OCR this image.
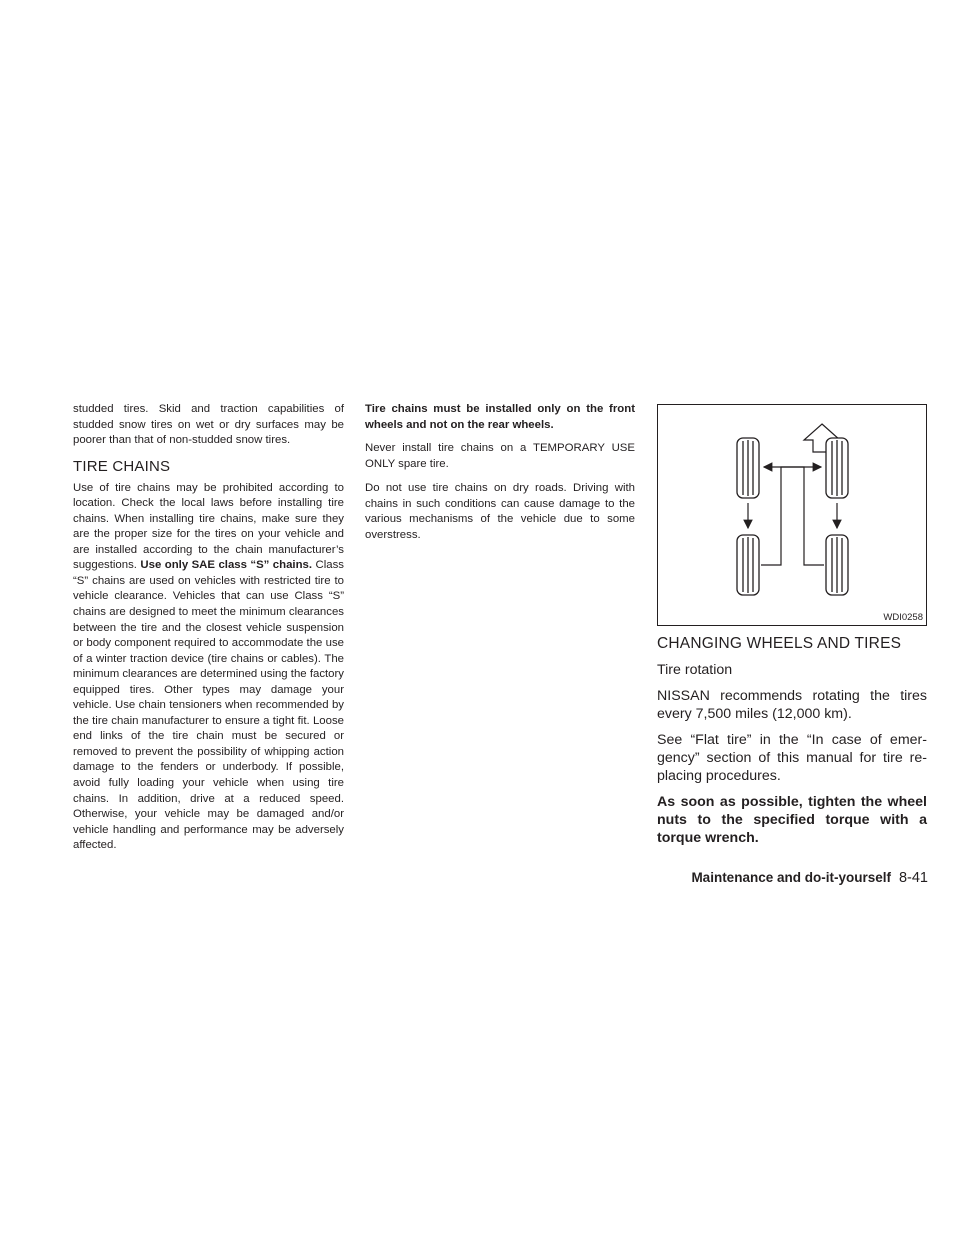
studded tires. Skid and traction capabilities of studded snow tires on wet or dry surfaces may be poorer than that of non-studded snow tires.

TIRE CHAINS

Use of tire chains may be prohibited according to location. Check the local laws before installing tire chains. When installing tire chains, make sure they are the proper size for the tires on your vehicle and are installed according to the chain manufacturer’s suggestions. Use only SAE class “S” chains. Class “S” chains are used on vehicles with restricted tire to vehicle clearance. Vehicles that can use Class “S” chains are designed to meet the minimum clearances between the tire and the closest vehicle suspension or body component required to accommodate the use of a winter traction device (tire chains or cables). The minimum clearances are determined using the factory equipped tires. Other types may damage your vehicle. Use chain tensioners when recommended by the tire chain manufacturer to ensure a tight fit. Loose end links of the tire chain must be secured or removed to prevent the possibility of whipping action damage to the fenders or underbody. If possible, avoid fully loading your vehicle when using tire chains. In addition, drive at a reduced speed. Otherwise, your vehicle may be damaged and/or vehicle handling and performance may be adversely affected.

Tire chains must be installed only on the front wheels and not on the rear wheels.

Never install tire chains on a TEMPORARY USE ONLY spare tire.

Do not use tire chains on dry roads. Driving with chains in such conditions can cause damage to the various mechanisms of the vehicle due to some overstress.

WDI0258
CHANGING WHEELS AND TIRES

Tire rotation

NISSAN recommends rotating the tires every 7,500 miles (12,000 km).

See “Flat tire” in the “In case of emergency” section of this manual for tire replacing procedures.

As soon as possible, tighten the wheel nuts to the specified torque with a torque wrench.

Maintenance and do-it-yourself 8-41
